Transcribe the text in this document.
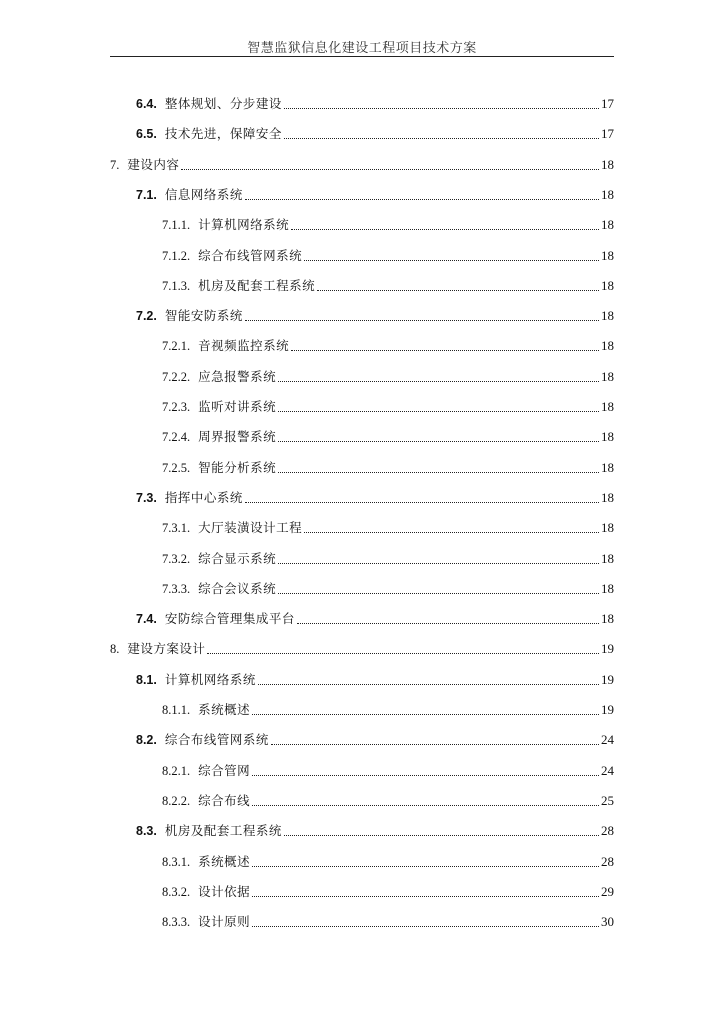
智慧监狱信息化建设工程项目技术方案
6.4. 整体规划、分步建设	17
6.5. 技术先进，保障安全	17
7. 建设内容	18
7.1. 信息网络系统	18
7.1.1. 计算机网络系统	18
7.1.2. 综合布线管网系统	18
7.1.3. 机房及配套工程系统	18
7.2. 智能安防系统	18
7.2.1. 音视频监控系统	18
7.2.2. 应急报警系统	18
7.2.3. 监听对讲系统	18
7.2.4. 周界报警系统	18
7.2.5. 智能分析系统	18
7.3. 指挥中心系统	18
7.3.1. 大厅装潢设计工程	18
7.3.2. 综合显示系统	18
7.3.3. 综合会议系统	18
7.4. 安防综合管理集成平台	18
8. 建设方案设计	19
8.1. 计算机网络系统	19
8.1.1. 系统概述	19
8.2. 综合布线管网系统	24
8.2.1. 综合管网	24
8.2.2. 综合布线	25
8.3. 机房及配套工程系统	28
8.3.1. 系统概述	28
8.3.2. 设计依据	29
8.3.3. 设计原则	30
